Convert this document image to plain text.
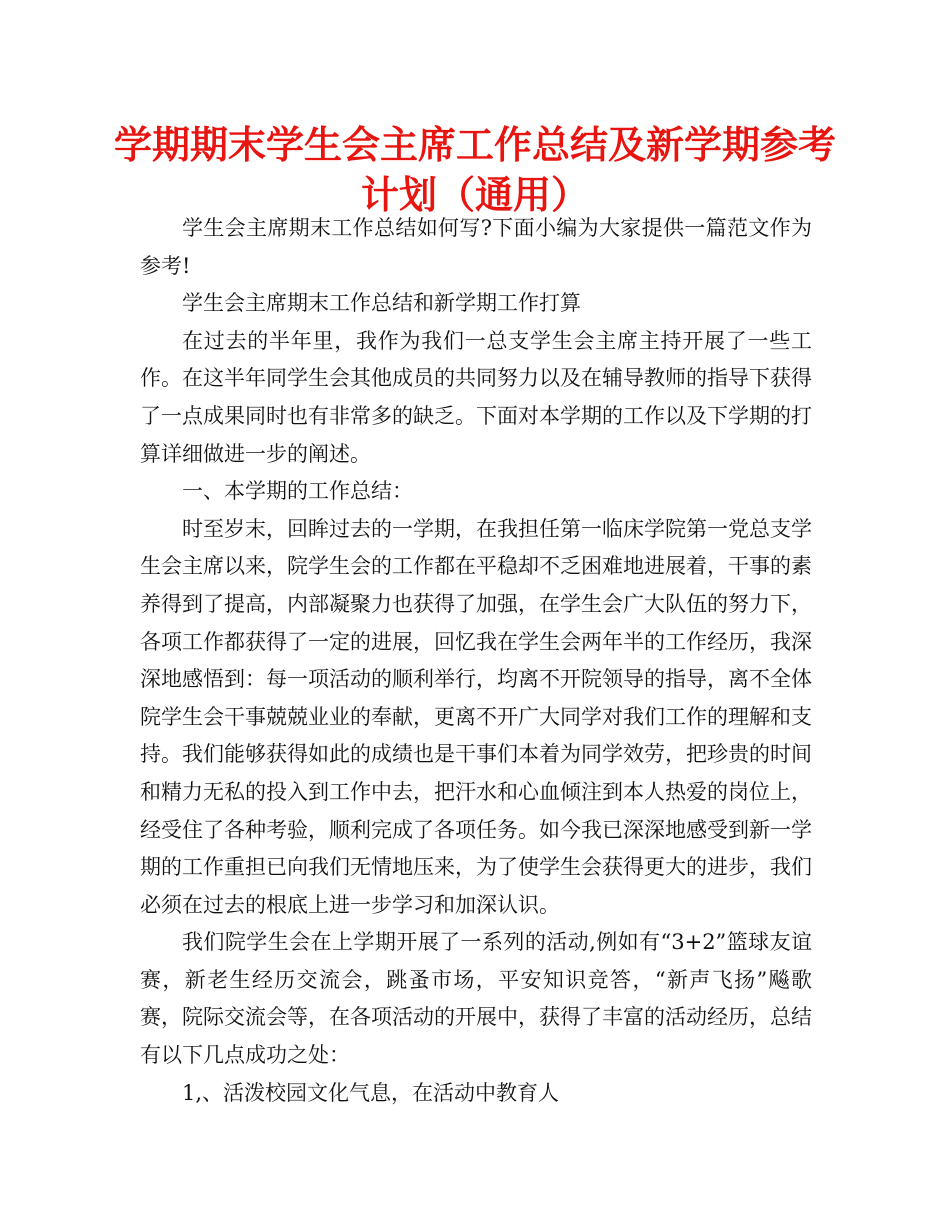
学期期末学生会主席工作总结及新学期参考计划（通用）

学生会主席期末工作总结如何写?下面小编为大家提供一篇范文作为参考!

学生会主席期末工作总结和新学期工作打算

在过去的半年里，我作为我们一总支学生会主席主持开展了一些工作。在这半年同学生会其他成员的共同努力以及在辅导教师的指导下获得了一点成果同时也有非常多的缺乏。下面对本学期的工作以及下学期的打算详细做进一步的阐述。

一、本学期的工作总结：

时至岁末，回眸过去的一学期，在我担任第一临床学院第一党总支学生会主席以来，院学生会的工作都在平稳却不乏困难地进展着，干事的素养得到了提高，内部凝聚力也获得了加强，在学生会广大队伍的努力下，各项工作都获得了一定的进展，回忆我在学生会两年半的工作经历，我深深地感悟到：每一项活动的顺利举行，均离不开院领导的指导，离不全体院学生会干事兢兢业业的奉献，更离不开广大同学对我们工作的理解和支持。我们能够获得如此的成绩也是干事们本着为同学效劳，把珍贵的时间和精力无私的投入到工作中去，把汗水和心血倾注到本人热爱的岗位上，经受住了各种考验，顺利完成了各项任务。如今我已深深地感受到新一学期的工作重担已向我们无情地压来，为了使学生会获得更大的进步，我们必须在过去的根底上进一步学习和加深认识。

我们院学生会在上学期开展了一系列的活动,例如有“3+2”篮球友谊赛，新老生经历交流会，跳蚤市场，平安知识竞答，“新声飞扬”飚歌赛，院际交流会等，在各项活动的开展中，获得了丰富的活动经历，总结有以下几点成功之处：

1,、活泼校园文化气息，在活动中教育人
